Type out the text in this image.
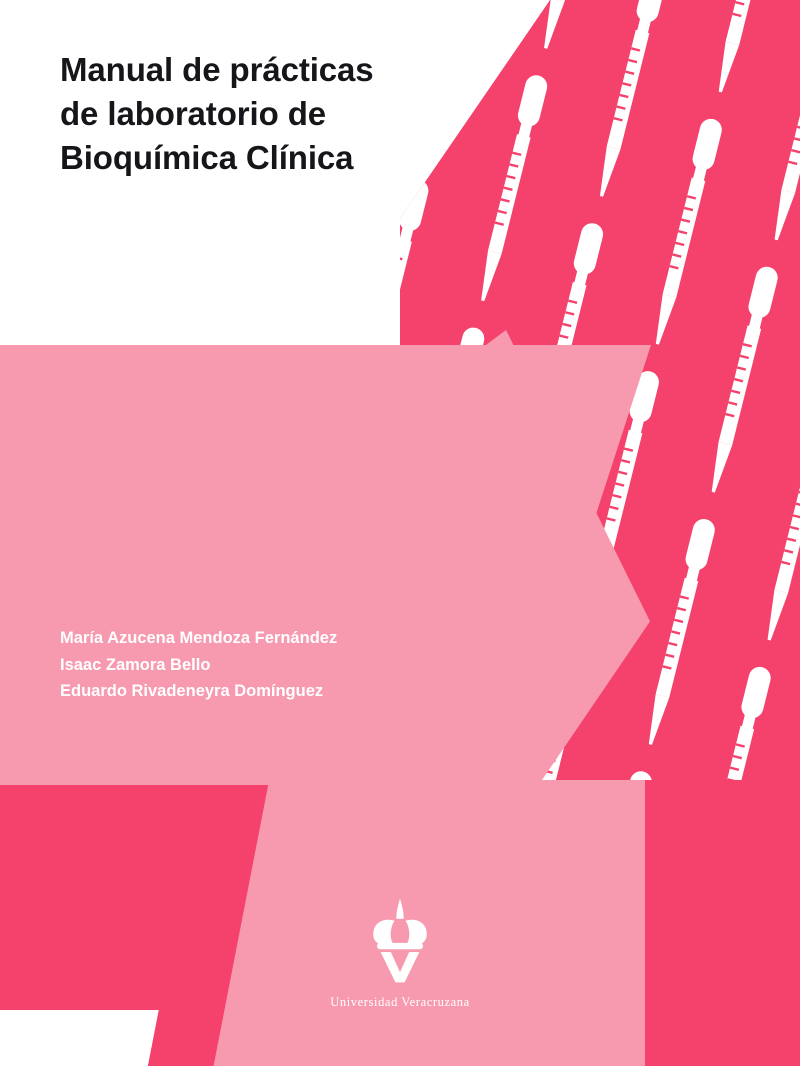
Manual de prácticas
de laboratorio de
Bioquímica Clínica
María Azucena Mendoza Fernández
Isaac Zamora Bello
Eduardo Rivadeneyra Domínguez
Universidad Veracruzana
